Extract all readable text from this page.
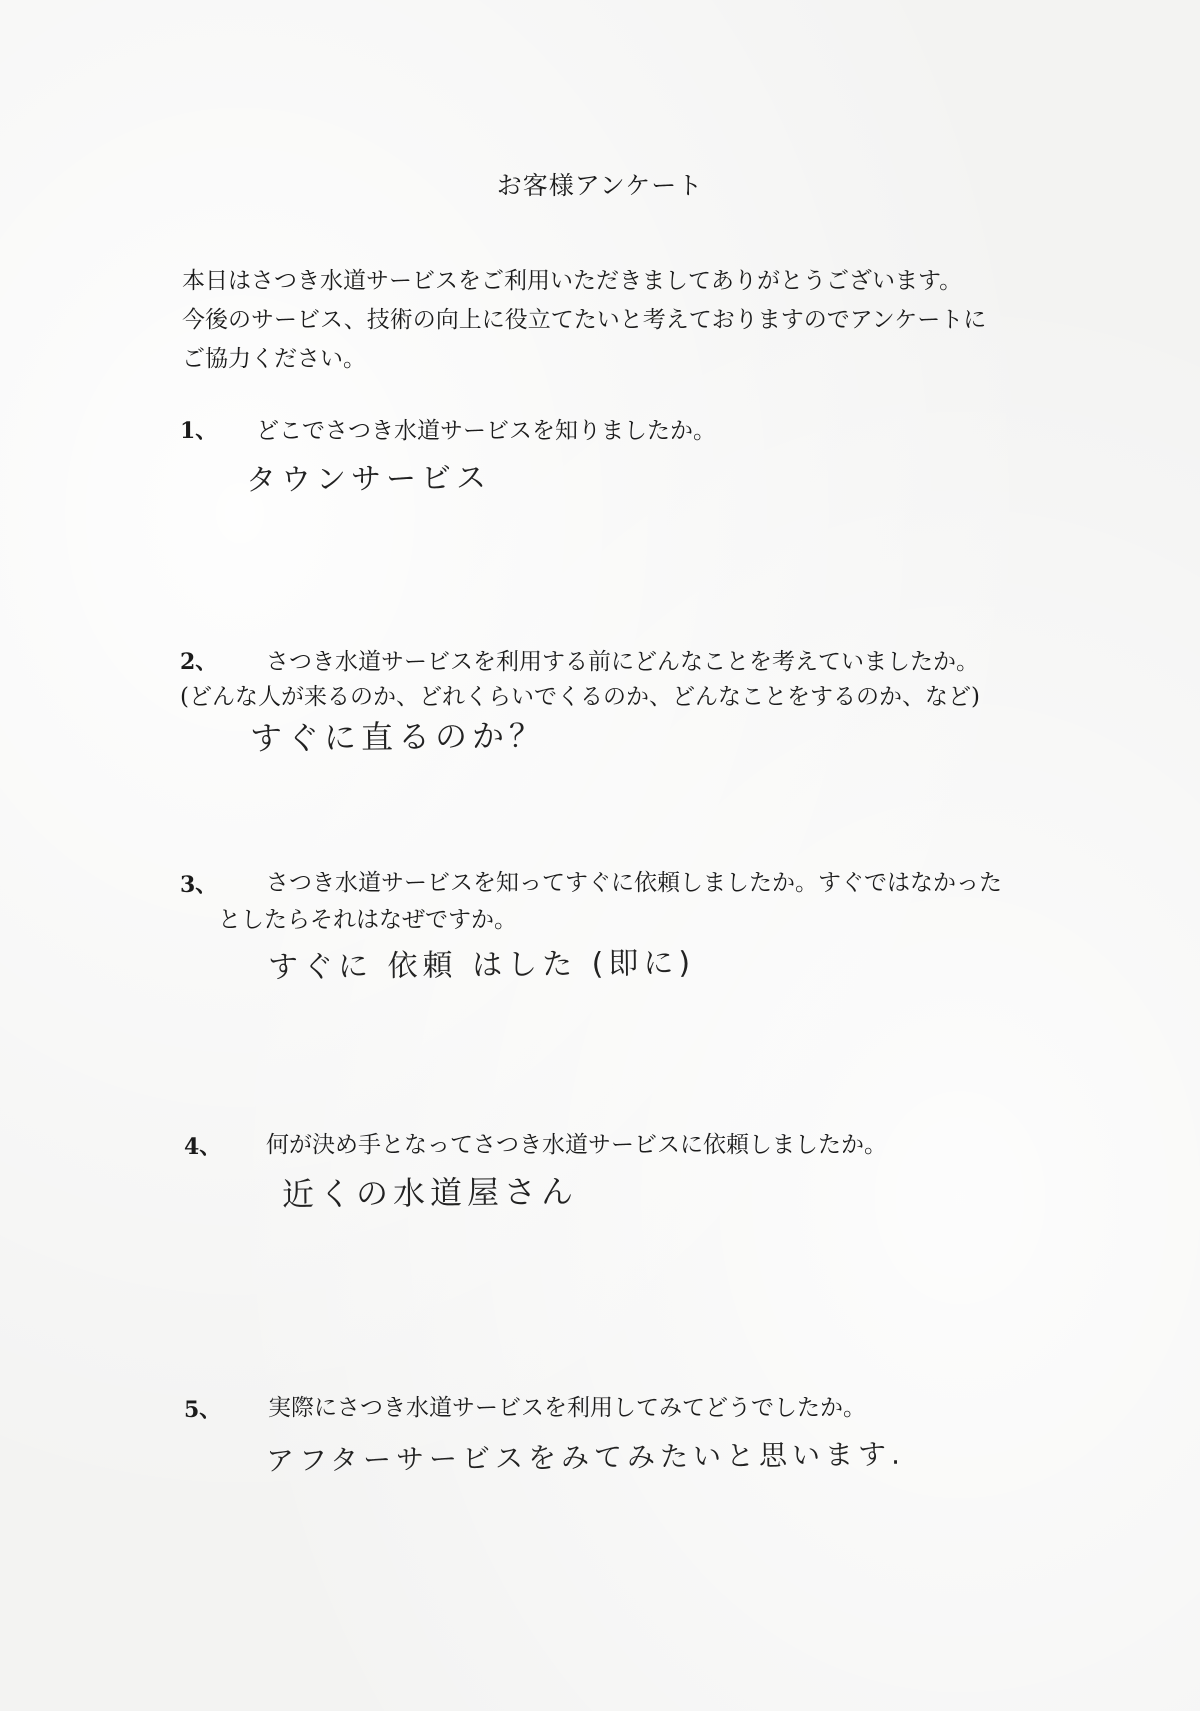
お客様アンケート

本日はさつき水道サービスをご利用いただきましてありがとうございます。

今後のサービス、技術の向上に役立てたいと考えておりますのでアンケートに

ご協力ください。

1、 どこでさつき水道サービスを知りましたか。
タウンサービス
2、 さつき水道サービスを利用する前にどんなことを考えていましたか。
(どんな人が来るのか、どれくらいでくるのか、どんなことをするのか、など)
すぐに直るのか？
3、 さつき水道サービスを知ってすぐに依頼しましたか。すぐではなかった
としたらそれはなぜですか。
すぐに 依頼 はした (即に)
4、 何が決め手となってさつき水道サービスに依頼しましたか。
近くの水道屋さん
5、 実際にさつき水道サービスを利用してみてどうでしたか。
アフターサービスをみてみたいと思います.
